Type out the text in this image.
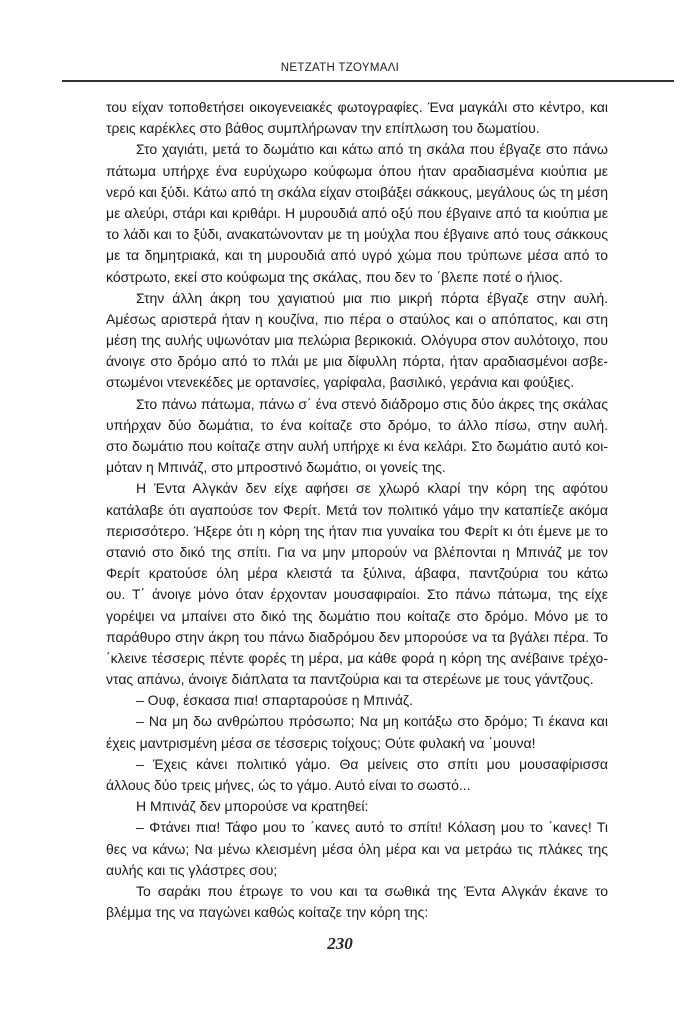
ΝΕΤΖΑΤΗ ΤΖΟΥΜΑΛΙ
του είχαν τοποθετήσει οικογενειακές φωτογραφίες. Ένα μαγκάλι στο κέντρο, και
τρεις καρέκλες στο βάθος συμπλήρωναν την επίπλωση του δωματίου.
Στο χαγιάτι, μετά το δωμάτιο και κάτω από τη σκάλα που έβγαζε στο πάνω
πάτωμα υπήρχε ένα ευρύχωρο κούφωμα όπου ήταν αραδιασμένα κιούπια με
νερό και ξύδι. Κάτω από τη σκάλα είχαν στοιβάξει σάκκους, μεγάλους ώς τη μέση
με αλεύρι, στάρι και κριθάρι. Η μυρουδιά από οξύ που έβγαινε από τα κιούπια με
το λάδι και το ξύδι, ανακατώνονταν με τη μούχλα που έβγαινε από τους σάκκους
με τα δημητριακά, και τη μυρουδιά από υγρό χώμα που τρύπωνε μέσα από το
κόστρωτο, εκεί στο κούφωμα της σκάλας, που δεν το ΄βλεπε ποτέ ο ήλιος.
Στην άλλη άκρη του χαγιατιού μια πιο μικρή πόρτα έβγαζε στην αυλή.
Αμέσως αριστερά ήταν η κουζίνα, πιο πέρα ο σταύλος και ο απόπατος, και στη
μέση της αυλής υψωνόταν μια πελώρια βερικοκιά. Ολόγυρα στον αυλότοιχο, που
άνοιγε στο δρόμο από το πλάι με μια δίφυλλη πόρτα, ήταν αραδιασμένοι ασβε-
στωμένοι ντενεκέδες με ορτανσίες, γαρίφαλα, βασιλικό, γεράνια και φούξιες.
Στο πάνω πάτωμα, πάνω σ΄ ένα στενό διάδρομο στις δύο άκρες της σκάλας
υπήρχαν δύο δωμάτια, το ένα κοίταζε στο δρόμο, το άλλο πίσω, στην αυλή.
στο δωμάτιο που κοίταζε στην αυλή υπήρχε κι ένα κελάρι. Στο δωμάτιο αυτό κοι-
μόταν η Μπινάζ, στο μπροστινό δωμάτιο, οι γονείς της.
Η Έντα Αλγκάν δεν είχε αφήσει σε χλωρό κλαρί την κόρη της αφότου
κατάλαβε ότι αγαπούσε τον Φερίτ. Μετά τον πολιτικό γάμο την καταπίεζε ακόμα
περισσότερο. Ήξερε ότι η κόρη της ήταν πια γυναίκα του Φερίτ κι ότι έμενε με το
στανιό στο δικό της σπίτι. Για να μην μπορούν να βλέπονται η Μπινάζ με τον
Φερίτ κρατούσε όλη μέρα κλειστά τα ξύλινα, άβαφα, παντζούρια του κάτω
ου. Τ΄ άνοιγε μόνο όταν έρχονταν μουσαφιραίοι. Στο πάνω πάτωμα, της είχε
γορέψει να μπαίνει στο δικό της δωμάτιο που κοίταζε στο δρόμο. Μόνο με το
παράθυρο στην άκρη του πάνω διαδρόμου δεν μπορούσε να τα βγάλει πέρα. Το
΄κλεινε τέσσερις πέντε φορές τη μέρα, μα κάθε φορά η κόρη της ανέβαινε τρέχο-
ντας απάνω, άνοιγε διάπλατα τα παντζούρια και τα στερέωνε με τους γάντζους.
– Ουφ, έσκασα πια! σπαρταρούσε η Μπινάζ.
– Να μη δω ανθρώπου πρόσωπο; Να μη κοιτάξω στο δρόμο; Τι έκανα και
έχεις μαντρισμένη μέσα σε τέσσερις τοίχους; Ούτε φυλακή να ΄μουνα!
– Έχεις κάνει πολιτικό γάμο. Θα μείνεις στο σπίτι μου μουσαφίρισσα
άλλους δύο τρεις μήνες, ώς το γάμο. Αυτό είναι το σωστό...
Η Μπινάζ δεν μπορούσε να κρατηθεί:
– Φτάνει πια! Τάφο μου το ΄κανες αυτό το σπίτι! Κόλαση μου το ΄κανες! Τι
θες να κάνω; Να μένω κλεισμένη μέσα όλη μέρα και να μετράω τις πλάκες της
αυλής και τις γλάστρες σου;
Το σαράκι που έτρωγε το νου και τα σωθικά της Έντα Αλγκάν έκανε το
βλέμμα της να παγώνει καθώς κοίταζε την κόρη της:
230
